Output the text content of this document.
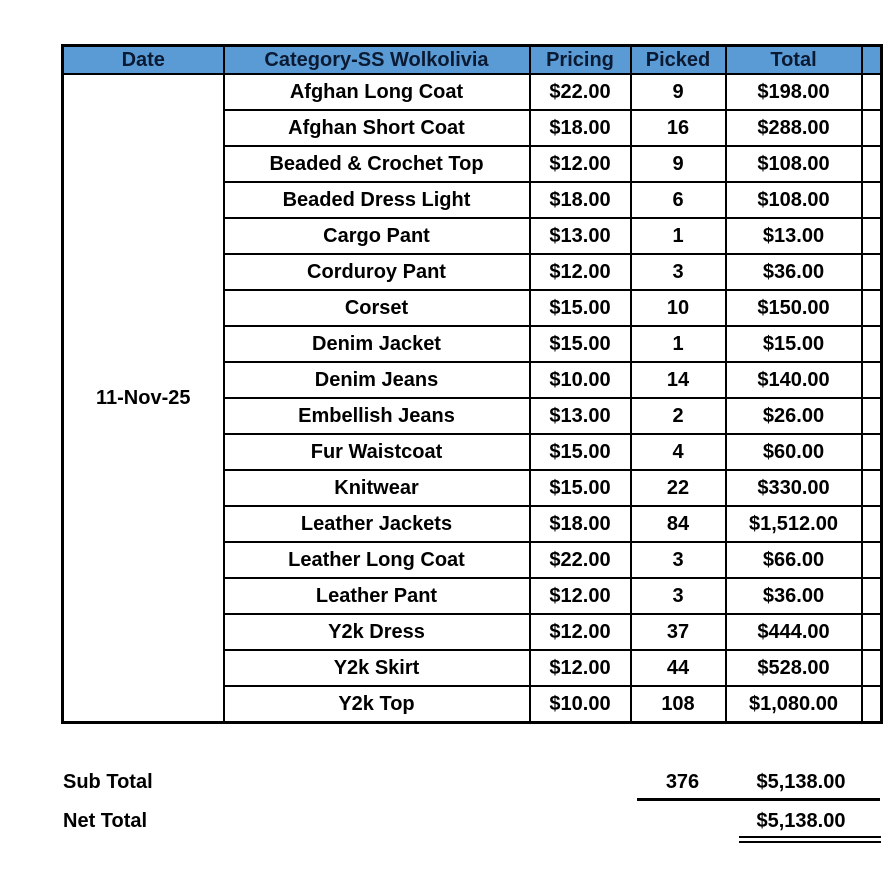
Date	Category-SS Wolkolivia	Pricing	Picked	Total	
11-Nov-25	Afghan Long Coat	$22.00	9	$198.00	
	Afghan Short Coat	$18.00	16	$288.00	
	Beaded & Crochet Top	$12.00	9	$108.00	
	Beaded Dress Light	$18.00	6	$108.00	
	Cargo Pant	$13.00	1	$13.00	
	Corduroy Pant	$12.00	3	$36.00	
	Corset	$15.00	10	$150.00	
	Denim Jacket	$15.00	1	$15.00	
	Denim Jeans	$10.00	14	$140.00	
	Embellish Jeans	$13.00	2	$26.00	
	Fur Waistcoat	$15.00	4	$60.00	
	Knitwear	$15.00	22	$330.00	
	Leather Jackets	$18.00	84	$1,512.00	
	Leather Long Coat	$22.00	3	$66.00	
	Leather Pant	$12.00	3	$36.00	
	Y2k Dress	$12.00	37	$444.00	
	Y2k Skirt	$12.00	44	$528.00	
	Y2k Top	$10.00	108	$1,080.00	
Sub Total	376	$5,138.00
Net Total	$5,138.00
